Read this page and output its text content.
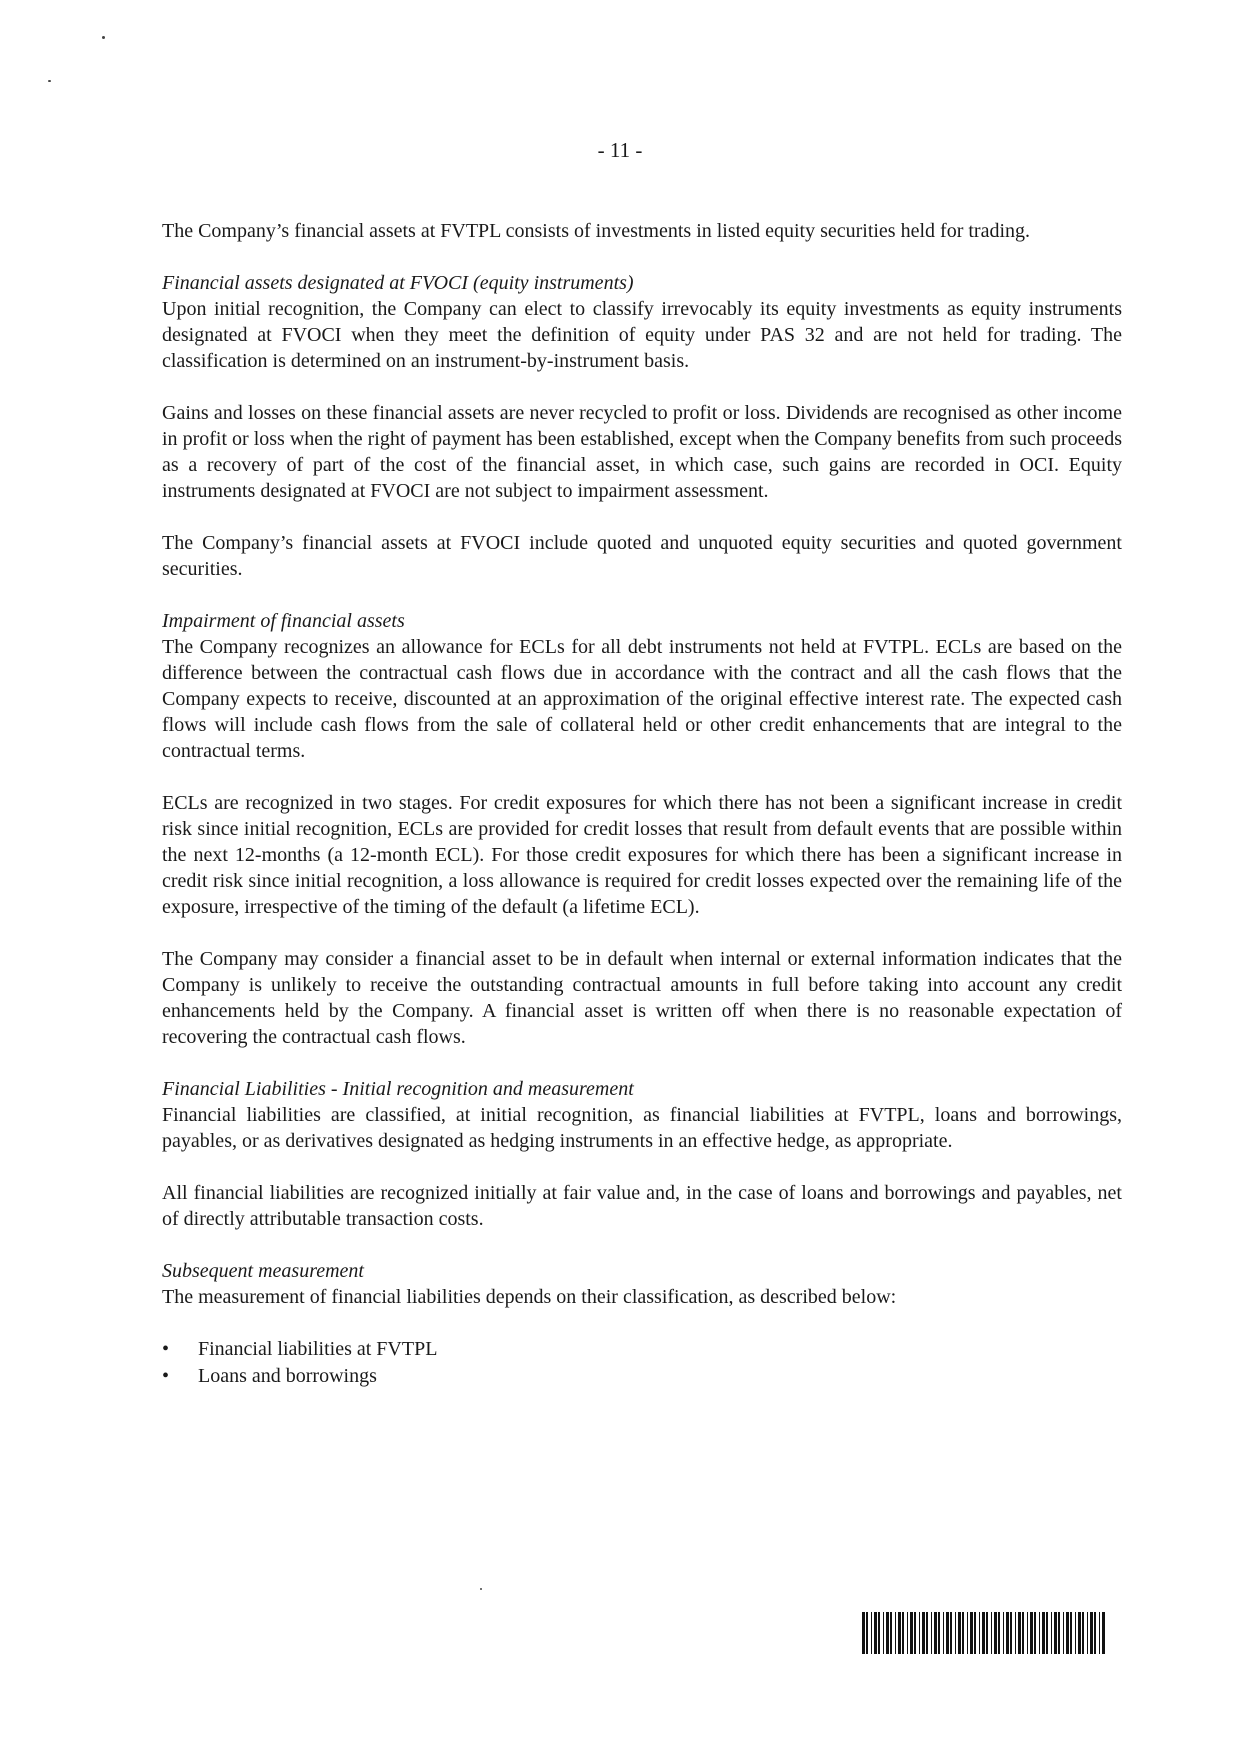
- 11 -

The Company’s financial assets at FVTPL consists of investments in listed equity securities held for trading.

Financial assets designated at FVOCI (equity instruments)

Upon initial recognition, the Company can elect to classify irrevocably its equity investments as equity instruments designated at FVOCI when they meet the definition of equity under PAS 32 and are not held for trading. The classification is determined on an instrument-by-instrument basis.

Gains and losses on these financial assets are never recycled to profit or loss. Dividends are recognised as other income in profit or loss when the right of payment has been established, except when the Company benefits from such proceeds as a recovery of part of the cost of the financial asset, in which case, such gains are recorded in OCI. Equity instruments designated at FVOCI are not subject to impairment assessment.

The Company’s financial assets at FVOCI include quoted and unquoted equity securities and quoted government securities.

Impairment of financial assets

The Company recognizes an allowance for ECLs for all debt instruments not held at FVTPL. ECLs are based on the difference between the contractual cash flows due in accordance with the contract and all the cash flows that the Company expects to receive, discounted at an approximation of the original effective interest rate. The expected cash flows will include cash flows from the sale of collateral held or other credit enhancements that are integral to the contractual terms.

ECLs are recognized in two stages. For credit exposures for which there has not been a significant increase in credit risk since initial recognition, ECLs are provided for credit losses that result from default events that are possible within the next 12-months (a 12-month ECL). For those credit exposures for which there has been a significant increase in credit risk since initial recognition, a loss allowance is required for credit losses expected over the remaining life of the exposure, irrespective of the timing of the default (a lifetime ECL).

The Company may consider a financial asset to be in default when internal or external information indicates that the Company is unlikely to receive the outstanding contractual amounts in full before taking into account any credit enhancements held by the Company. A financial asset is written off when there is no reasonable expectation of recovering the contractual cash flows.

Financial Liabilities - Initial recognition and measurement

Financial liabilities are classified, at initial recognition, as financial liabilities at FVTPL, loans and borrowings, payables, or as derivatives designated as hedging instruments in an effective hedge, as appropriate.

All financial liabilities are recognized initially at fair value and, in the case of loans and borrowings and payables, net of directly attributable transaction costs.

Subsequent measurement

The measurement of financial liabilities depends on their classification, as described below:

• Financial liabilities at FVTPL
• Loans and borrowings
